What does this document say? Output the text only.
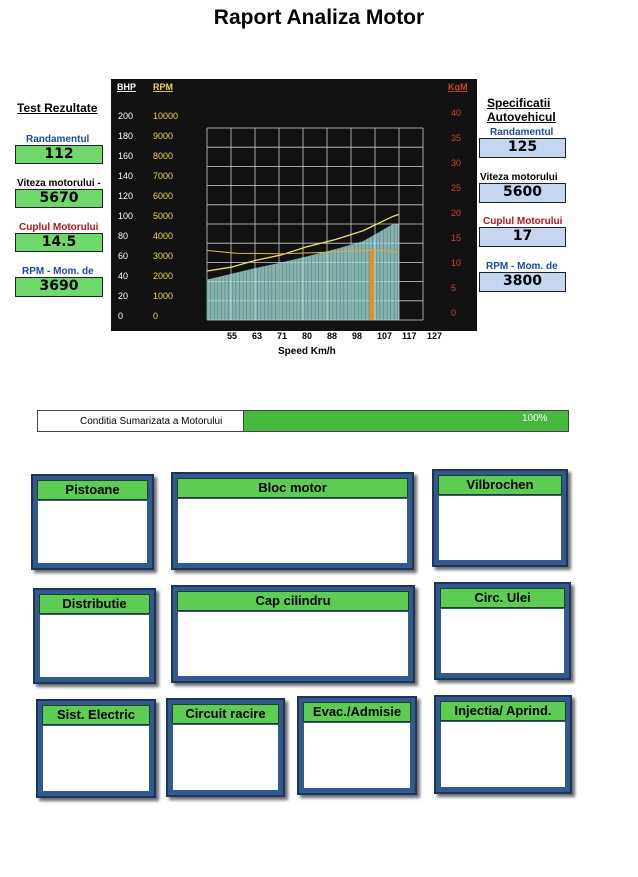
Raport Analiza Motor
Test Rezultate
Randamentul
112
Viteza motorului -
5670
Cuplul Motorului
14.5
RPM - Mom. de
3690
Specificatii Autovehicul
Randamentul
125
Viteza motorului
5600
Cuplul Motorului
17
RPM - Mom. de
3800
BHP RPM	KgM
200
180
160
140
120
100
80
60
40
20
0
10000
9000
8000
7000
6000
5000
4000
3000
2000
1000
0
40
35
30
25
20
15
10
5
0
55 63 71 80 88 98 107 117 127
Speed Km/h
Conditia Sumarizata a Motorului	100%
Pistoane	Bloc motor	Vilbrochen
Distributie	Cap cilindru	Circ. Ulei
Sist. Electric	Circuit racire	Evac./Admisie	Injectia/ Aprind.
